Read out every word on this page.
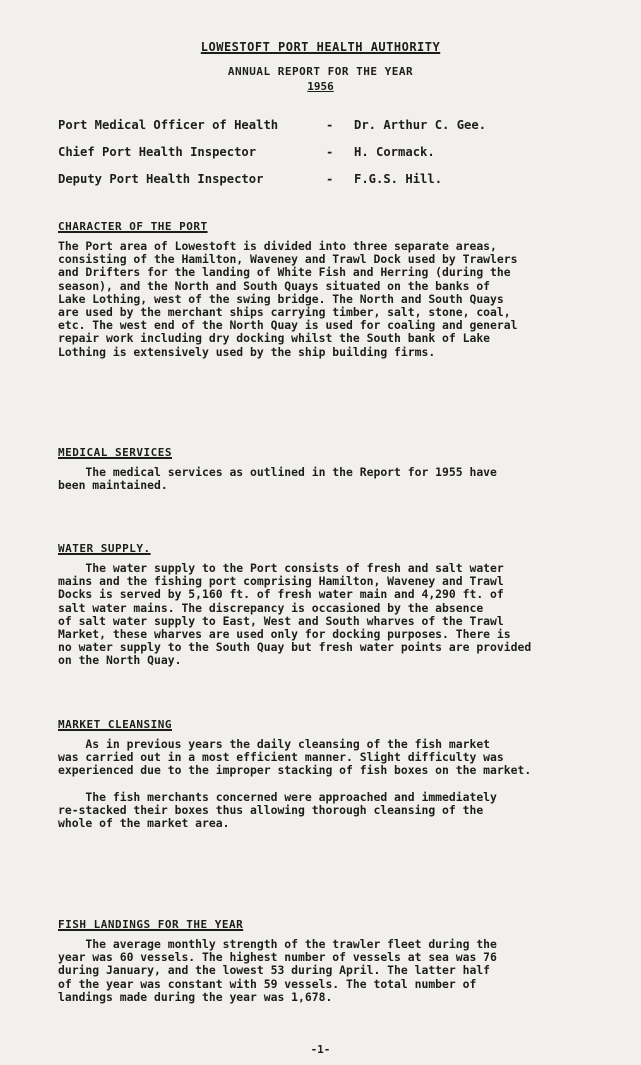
LOWESTOFT PORT HEALTH AUTHORITY
ANNUAL REPORT FOR THE YEAR
1956
Port Medical Officer of Health	-	Dr. Arthur C. Gee.
Chief Port Health Inspector	-	H. Cormack.
Deputy Port Health Inspector	-	F.G.S. Hill.
CHARACTER OF THE PORT

The Port area of Lowestoft is divided into three separate areas,
consisting of the Hamilton, Waveney and Trawl Dock used by Trawlers
and Drifters for the landing of White Fish and Herring (during the
season), and the North and South Quays situated on the banks of
Lake Lothing, west of the swing bridge. The North and South Quays
are used by the merchant ships carrying timber, salt, stone, coal,
etc. The west end of the North Quay is used for coaling and general
repair work including dry docking whilst the South bank of Lake
Lothing is extensively used by the ship building firms.

MEDICAL SERVICES

The medical services as outlined in the Report for 1955 have
been maintained.

WATER SUPPLY.

The water supply to the Port consists of fresh and salt water
mains and the fishing port comprising Hamilton, Waveney and Trawl
Docks is served by 5,160 ft. of fresh water main and 4,290 ft. of
salt water mains. The discrepancy is occasioned by the absence
of salt water supply to East, West and South wharves of the Trawl
Market, these wharves are used only for docking purposes. There is
no water supply to the South Quay but fresh water points are provided
on the North Quay.

MARKET CLEANSING

As in previous years the daily cleansing of the fish market
was carried out in a most efficient manner. Slight difficulty was
experienced due to the improper stacking of fish boxes on the market.

The fish merchants concerned were approached and immediately
re-stacked their boxes thus allowing thorough cleansing of the
whole of the market area.

FISH LANDINGS FOR THE YEAR

The average monthly strength of the trawler fleet during the
year was 60 vessels. The highest number of vessels at sea was 76
during January, and the lowest 53 during April. The latter half
of the year was constant with 59 vessels. The total number of
landings made during the year was 1,678.

-1-
